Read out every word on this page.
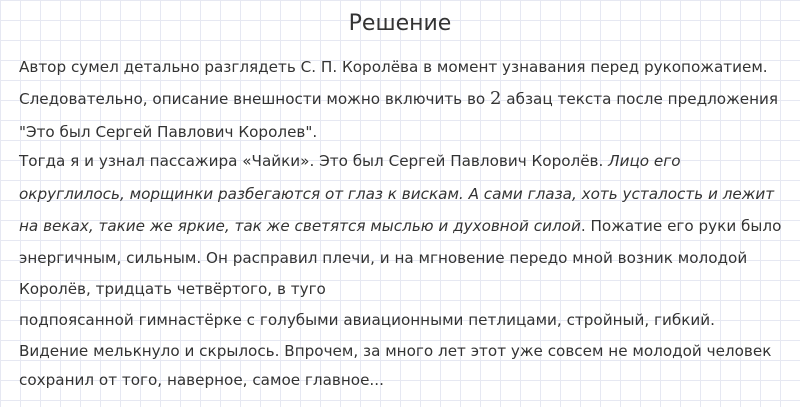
Решение
Автор сумел детально разглядеть С. П. Королёва в момент узнавания перед рукопожатием.
Следовательно, описание внешности можно включить во 2 абзац текста после предложения
"Это был Сергей Павлович Королев".
Тогда я и узнал пассажира «Чайки». Это был Сергей Павлович Королёв. Лицо его
округлилось, морщинки разбегаются от глаз к вискам. А сами глаза, хоть усталость и лежит
на веках, такие же яркие, так же светятся мыслью и духовной силой. Пожатие его руки было
энергичным, сильным. Он расправил плечи, и на мгновение передо мной возник молодой
Королёв, тридцать четвёртого, в туго
подпоясанной гимнастёрке с голубыми авиационными петлицами, стройный, гибкий.
Видение мелькнуло и скрылось. Впрочем, за много лет этот уже совсем не молодой человек
сохранил от того, наверное, самое главное...
